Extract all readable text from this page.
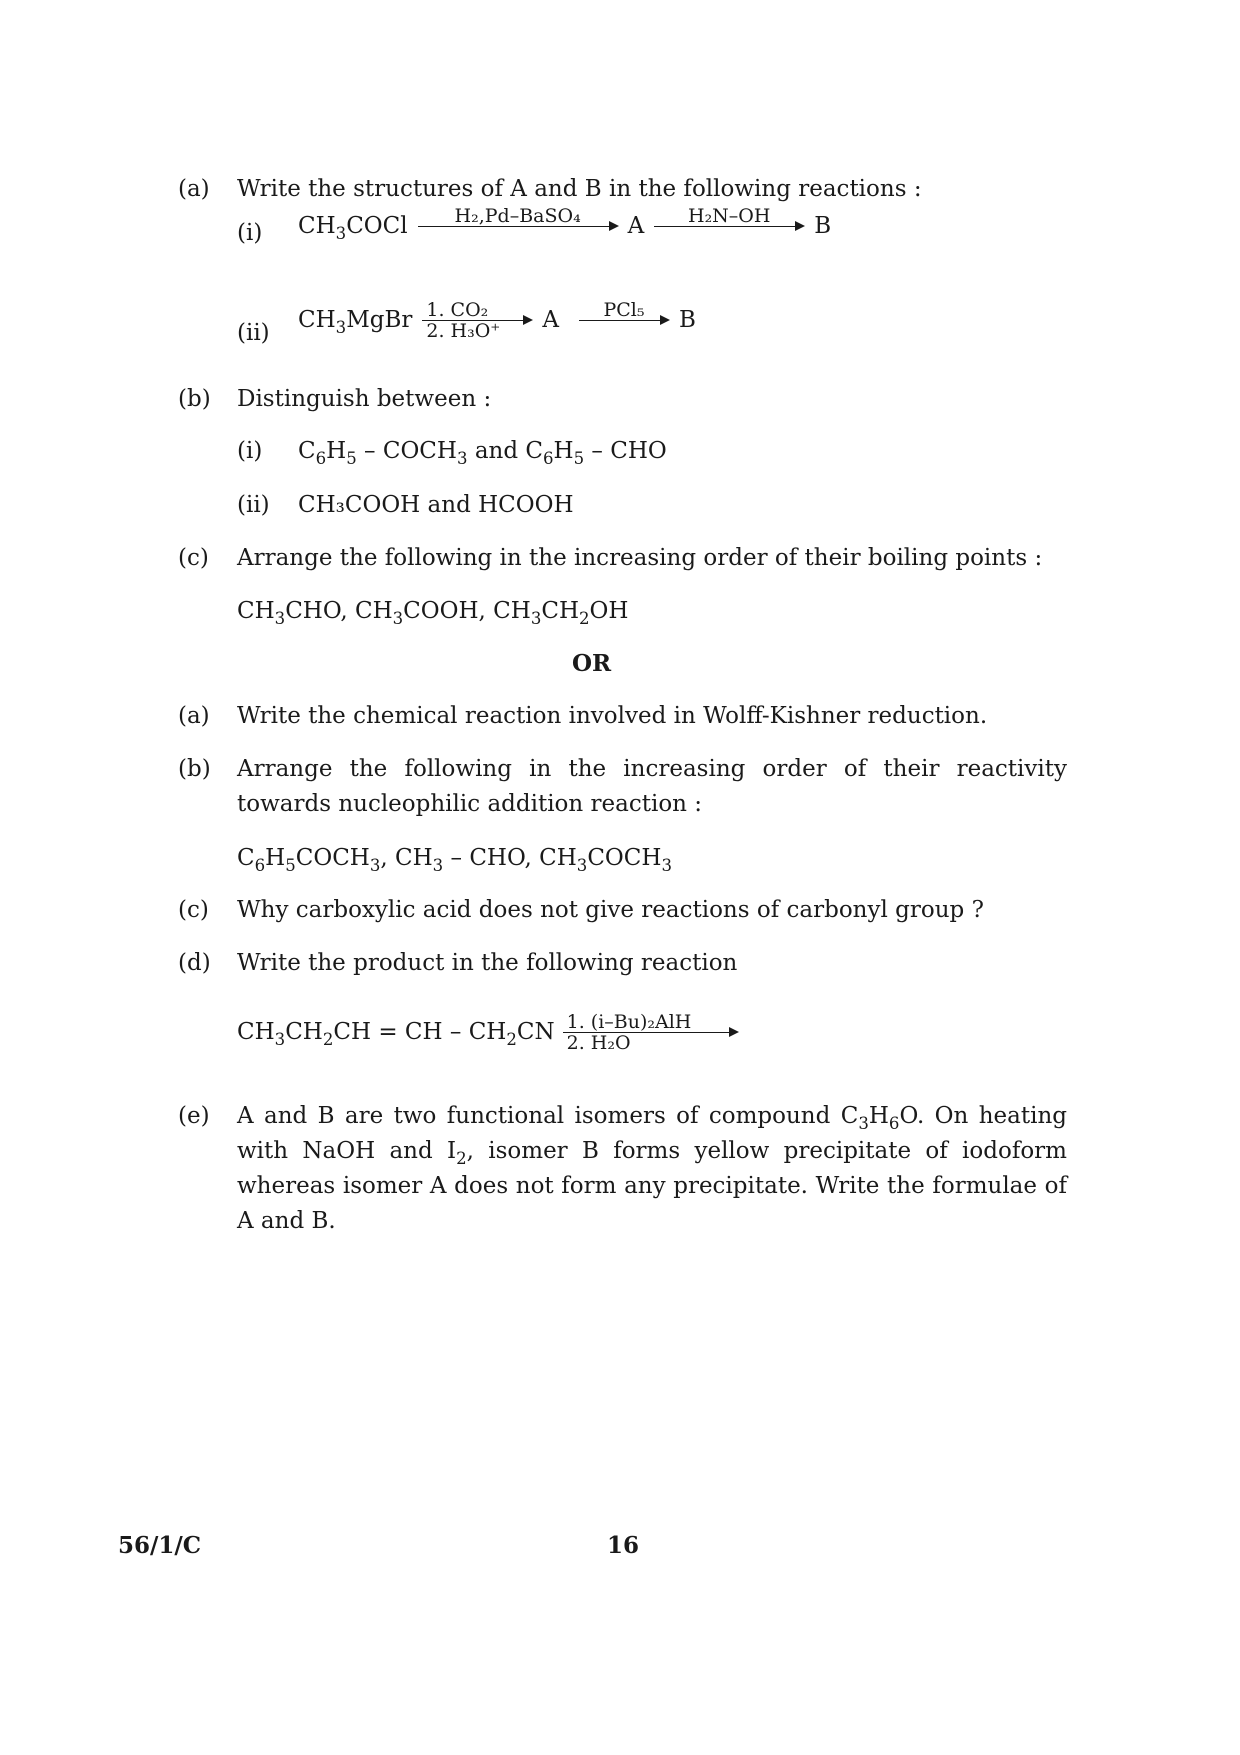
(a) Write the structures of A and B in the following reactions :
(i) $CH_3COCl$	H₂,Pd–BaSO₄
	A	H₂N–OH
	B
(ii)
$CH_3MgBr$ 1. CO₂
2. H₃O⁺	A	PCl₅
	B
(b) Distinguish between :
(i) $C_6H_5$ – $COCH_3$ and $C_6H_5$ – CHO
(ii) CH₃COOH and HCOOH
(c) Arrange the following in the increasing order of their boiling points :
$CH_3CHO$, $CH_3COOH$, $CH_3CH_2OH$
OR
(a) Write the chemical reaction involved in Wolff-Kishner reduction.
(b) Arrange the following in the increasing order of their reactivity towards nucleophilic addition reaction :
$C_6H_5COCH_3$, $CH_3$ – CHO, $CH_3COCH_3$
(c) Why carboxylic acid does not give reactions of carbonyl group ?
(d) Write the product in the following reaction
$CH_3CH_2CH$ = CH – $CH_2CN$ 1. (i–Bu)₂AlH
2. H₂O
(e) A and B are two functional isomers of compound $C_3H_6O$. On heating with NaOH and $I_2$, isomer B forms yellow precipitate of iodoform whereas isomer A does not form any precipitate. Write the formulae of A and B.
56/1/C	16
